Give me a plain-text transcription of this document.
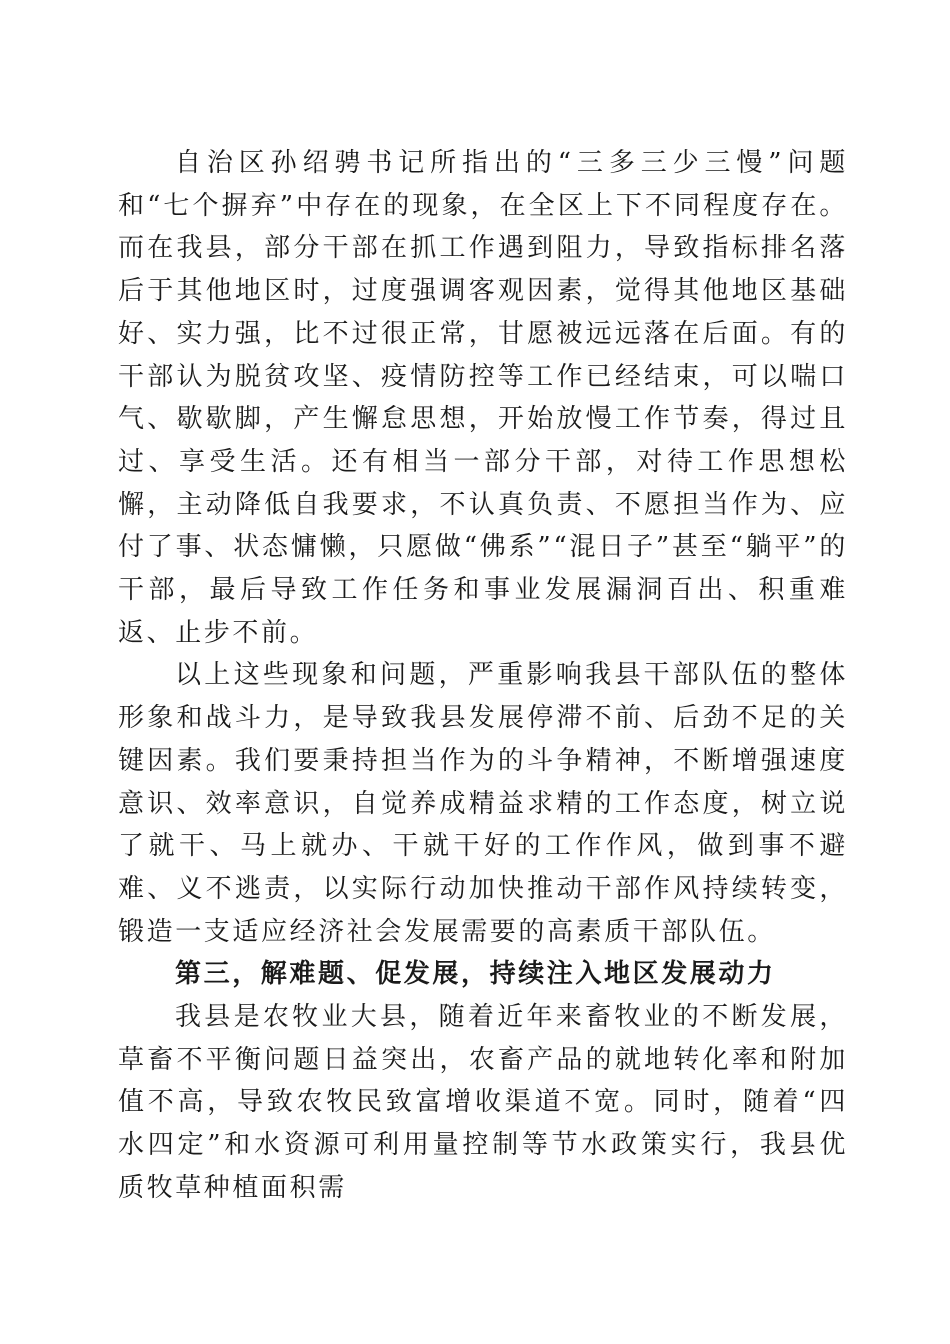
自治区孙绍骋书记所指出的“三多三少三慢”问题和“七个摒弃”中存在的现象，在全区上下不同程度存在。而在我县，部分干部在抓工作遇到阻力，导致指标排名落后于其他地区时，过度强调客观因素，觉得其他地区基础好、实力强，比不过很正常，甘愿被远远落在后面。有的干部认为脱贫攻坚、疫情防控等工作已经结束，可以喘口气、歇歇脚，产生懈怠思想，开始放慢工作节奏，得过且过、享受生活。还有相当一部分干部，对待工作思想松懈，主动降低自我要求，不认真负责、不愿担当作为、应付了事、状态慵懒，只愿做“佛系”“混日子”甚至“躺平”的干部，最后导致工作任务和事业发展漏洞百出、积重难返、止步不前。

以上这些现象和问题，严重影响我县干部队伍的整体形象和战斗力，是导致我县发展停滞不前、后劲不足的关键因素。我们要秉持担当作为的斗争精神，不断增强速度意识、效率意识，自觉养成精益求精的工作态度，树立说了就干、马上就办、干就干好的工作作风，做到事不避难、义不逃责，以实际行动加快推动干部作风持续转变，锻造一支适应经济社会发展需要的高素质干部队伍。

第三，解难题、促发展，持续注入地区发展动力

我县是农牧业大县，随着近年来畜牧业的不断发展，草畜不平衡问题日益突出，农畜产品的就地转化率和附加值不高，导致农牧民致富增收渠道不宽。同时，随着“四水四定”和水资源可利用量控制等节水政策实行，我县优质牧草种植面积需
